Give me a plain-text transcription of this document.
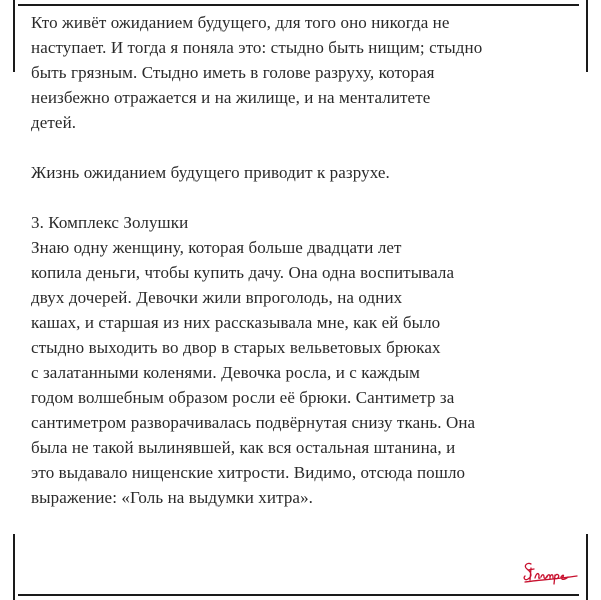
Кто живёт ожиданием будущего, для того оно никогда не
наступает. И тогда я поняла это: стыдно быть нищим; стыдно
быть грязным. Стыдно иметь в голове разруху, которая
неизбежно отражается и на жилище, и на менталитете
детей.
Жизнь ожиданием будущего приводит к разрухе.
3. Комплекс Золушки
Знаю одну женщину, которая больше двадцати лет
копила деньги, чтобы купить дачу. Она одна воспитывала
двух дочерей. Девочки жили впроголодь, на одних
кашах, и старшая из них рассказывала мне, как ей было
стыдно выходить во двор в старых вельветовых брюках
с залатанными коленями. Девочка росла, и с каждым
годом волшебным образом росли её брюки. Сантиметр за
сантиметром разворачивалась подвёрнутая снизу ткань. Она
была не такой вылинявшей, как вся остальная штанина, и
это выдавало нищенские хитрости. Видимо, отсюда пошло
выражение: «Голь на выдумки хитра».
